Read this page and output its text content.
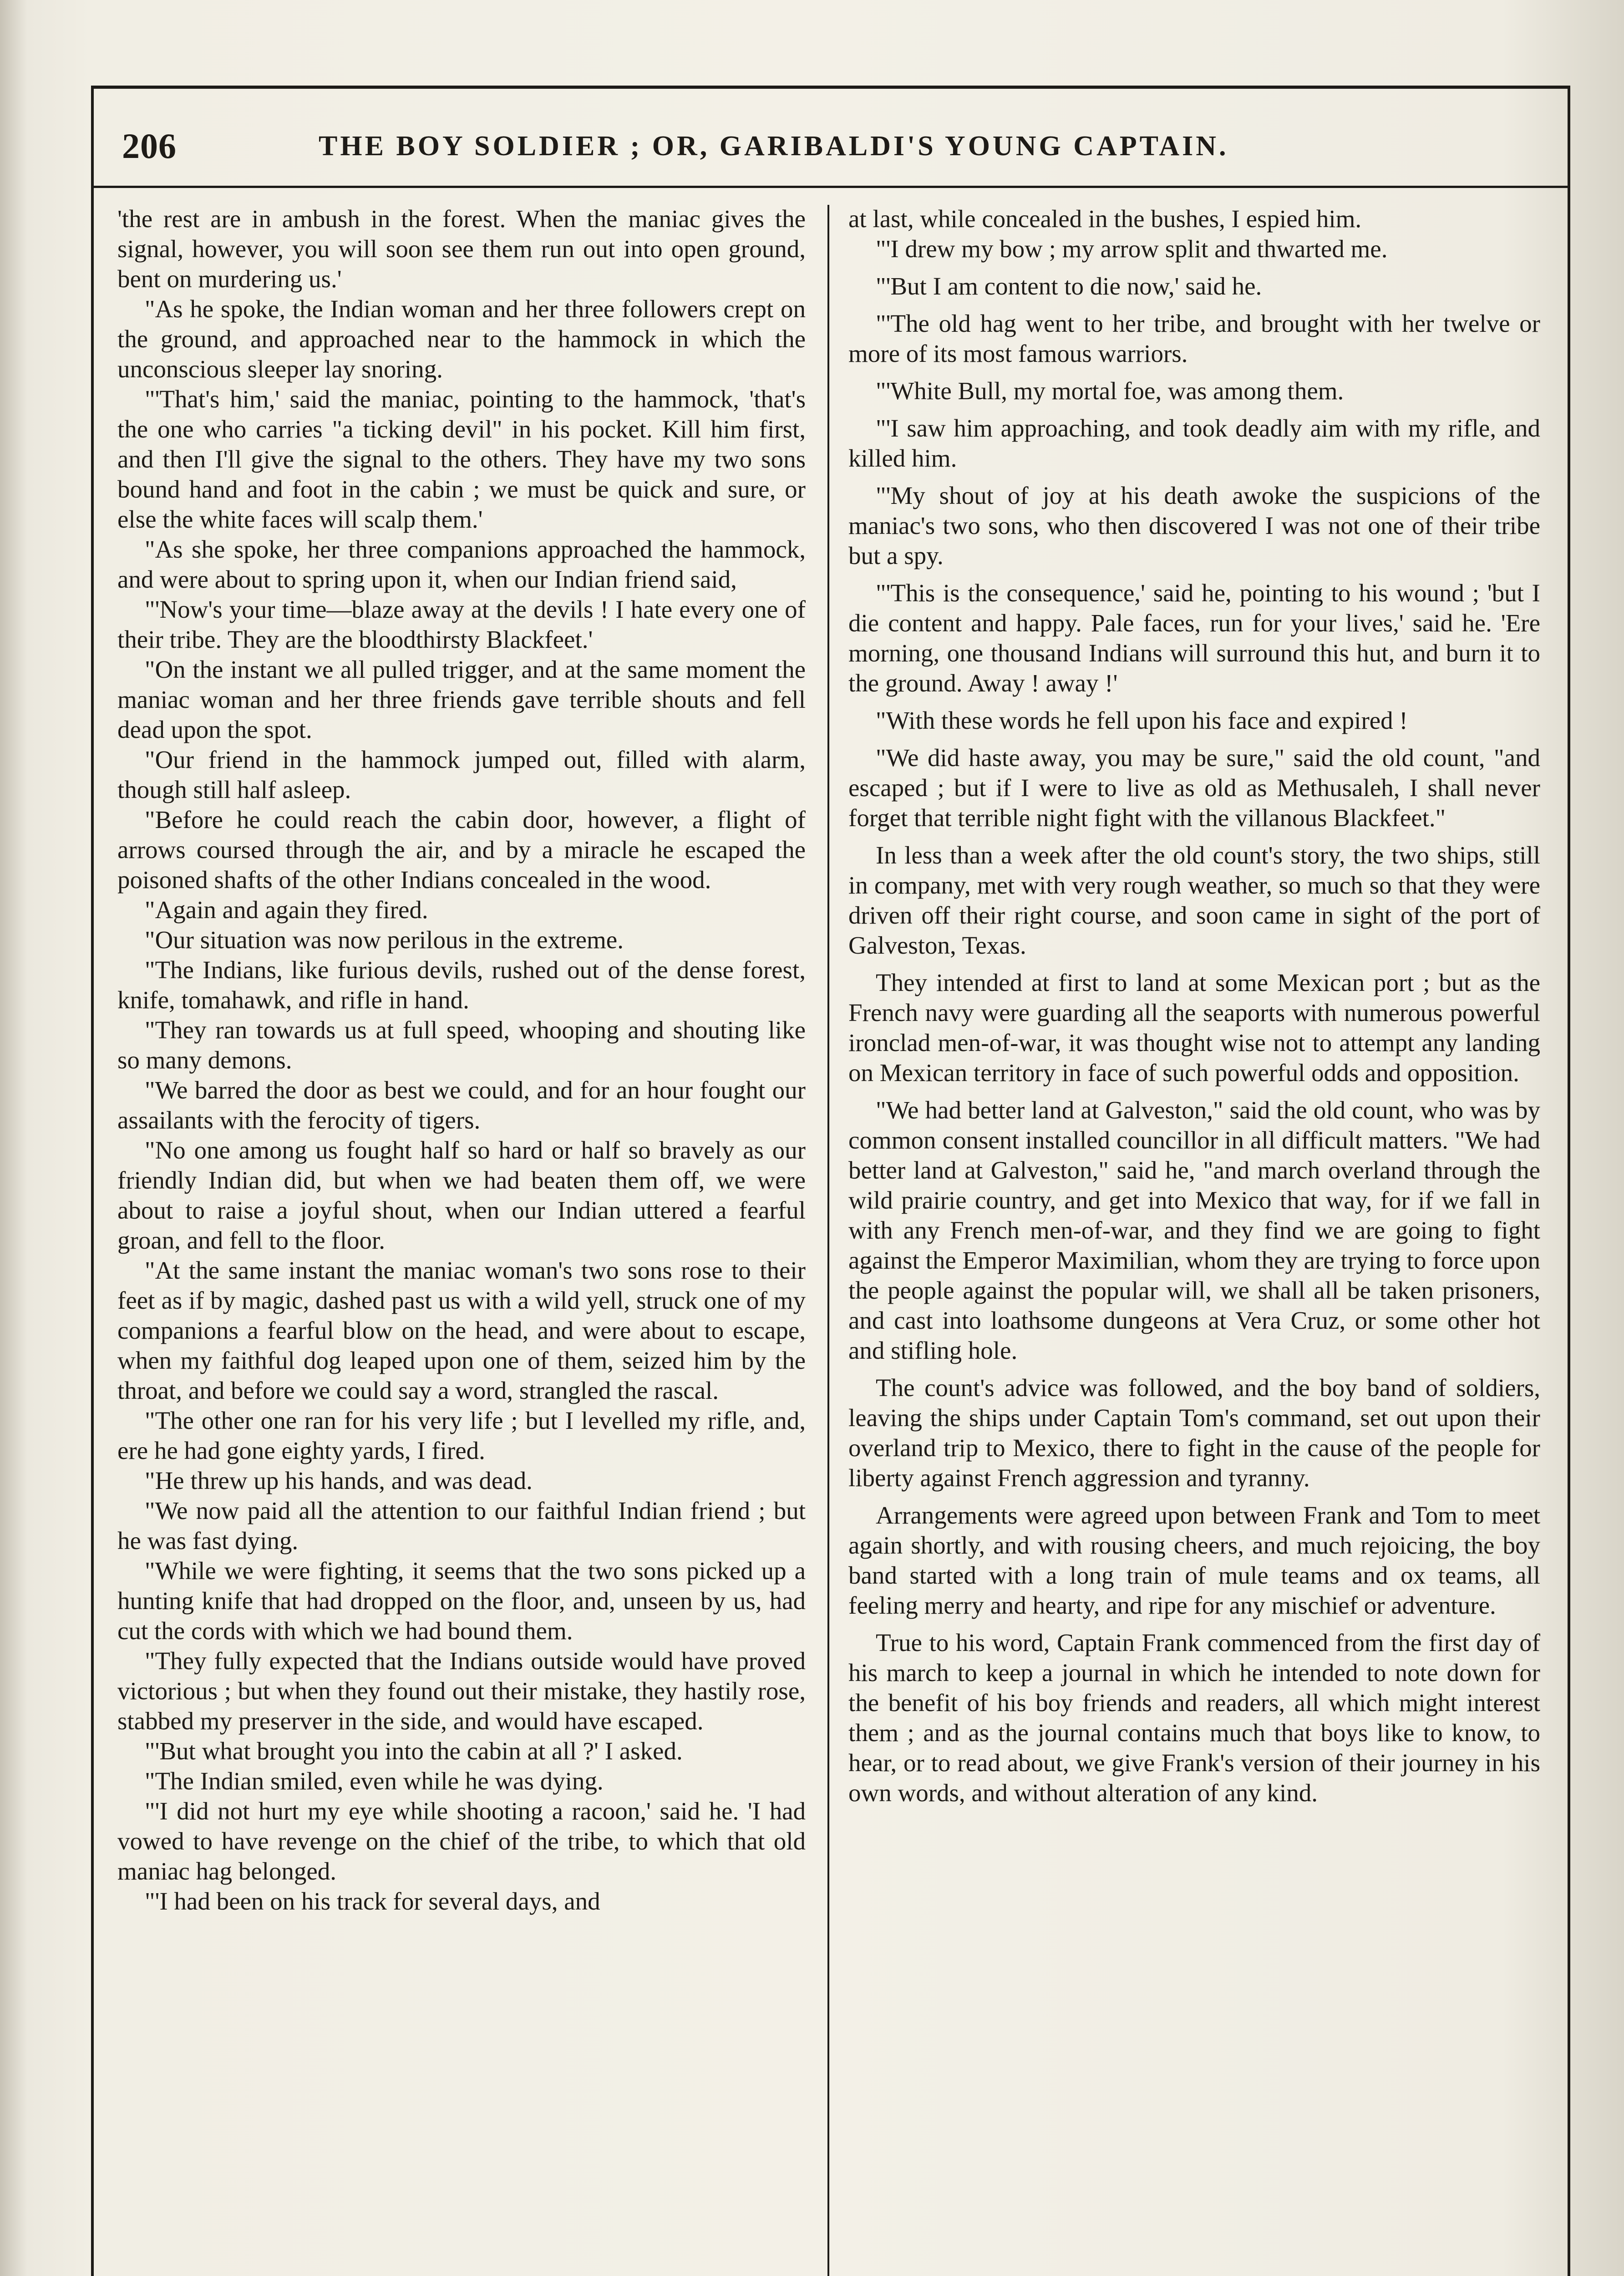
206	THE BOY SOLDIER ; OR, GARIBALDI'S YOUNG CAPTAIN.

'the rest are in ambush in the forest. When the maniac gives the signal, however, you will soon see them run out into open ground, bent on murdering us.'

"As he spoke, the Indian woman and her three followers crept on the ground, and approached near to the hammock in which the unconscious sleeper lay snoring.

"'That's him,' said the maniac, pointing to the hammock, 'that's the one who carries "a ticking devil" in his pocket. Kill him first, and then I'll give the signal to the others. They have my two sons bound hand and foot in the cabin ; we must be quick and sure, or else the white faces will scalp them.'

"As she spoke, her three companions approached the hammock, and were about to spring upon it, when our Indian friend said,

"'Now's your time—blaze away at the devils ! I hate every one of their tribe. They are the bloodthirsty Blackfeet.'

"On the instant we all pulled trigger, and at the same moment the maniac woman and her three friends gave terrible shouts and fell dead upon the spot.

"Our friend in the hammock jumped out, filled with alarm, though still half asleep.

"Before he could reach the cabin door, however, a flight of arrows coursed through the air, and by a miracle he escaped the poisoned shafts of the other Indians concealed in the wood.

"Again and again they fired.

"Our situation was now perilous in the extreme.

"The Indians, like furious devils, rushed out of the dense forest, knife, tomahawk, and rifle in hand.

"They ran towards us at full speed, whooping and shouting like so many demons.

"We barred the door as best we could, and for an hour fought our assailants with the ferocity of tigers.

"No one among us fought half so hard or half so bravely as our friendly Indian did, but when we had beaten them off, we were about to raise a joyful shout, when our Indian uttered a fearful groan, and fell to the floor.

"At the same instant the maniac woman's two sons rose to their feet as if by magic, dashed past us with a wild yell, struck one of my companions a fearful blow on the head, and were about to escape, when my faithful dog leaped upon one of them, seized him by the throat, and before we could say a word, strangled the rascal.

"The other one ran for his very life ; but I levelled my rifle, and, ere he had gone eighty yards, I fired.

"He threw up his hands, and was dead.

"We now paid all the attention to our faithful Indian friend ; but he was fast dying.

"While we were fighting, it seems that the two sons picked up a hunting knife that had dropped on the floor, and, unseen by us, had cut the cords with which we had bound them.

"They fully expected that the Indians outside would have proved victorious ; but when they found out their mistake, they hastily rose, stabbed my preserver in the side, and would have escaped.

"'But what brought you into the cabin at all ?' I asked.

"The Indian smiled, even while he was dying.

"'I did not hurt my eye while shooting a racoon,' said he. 'I had vowed to have revenge on the chief of the tribe, to which that old maniac hag belonged.

"'I had been on his track for several days, and

at last, while concealed in the bushes, I espied him.

"'I drew my bow ; my arrow split and thwarted me.

"'But I am content to die now,' said he.

"'The old hag went to her tribe, and brought with her twelve or more of its most famous warriors.

"'White Bull, my mortal foe, was among them.

"'I saw him approaching, and took deadly aim with my rifle, and killed him.

"'My shout of joy at his death awoke the suspicions of the maniac's two sons, who then discovered I was not one of their tribe but a spy.

"'This is the consequence,' said he, pointing to his wound ; 'but I die content and happy. Pale faces, run for your lives,' said he. 'Ere morning, one thousand Indians will surround this hut, and burn it to the ground. Away ! away !'

"With these words he fell upon his face and expired !

"We did haste away, you may be sure," said the old count, "and escaped ; but if I were to live as old as Methusaleh, I shall never forget that terrible night fight with the villanous Blackfeet."

In less than a week after the old count's story, the two ships, still in company, met with very rough weather, so much so that they were driven off their right course, and soon came in sight of the port of Galveston, Texas.

They intended at first to land at some Mexican port ; but as the French navy were guarding all the seaports with numerous powerful ironclad men-of-war, it was thought wise not to attempt any landing on Mexican territory in face of such powerful odds and opposition.

"We had better land at Galveston," said the old count, who was by common consent installed councillor in all difficult matters. "We had better land at Galveston," said he, "and march overland through the wild prairie country, and get into Mexico that way, for if we fall in with any French men-of-war, and they find we are going to fight against the Emperor Maximilian, whom they are trying to force upon the people against the popular will, we shall all be taken prisoners, and cast into loathsome dungeons at Vera Cruz, or some other hot and stifling hole.

The count's advice was followed, and the boy band of soldiers, leaving the ships under Captain Tom's command, set out upon their overland trip to Mexico, there to fight in the cause of the people for liberty against French aggression and tyranny.

Arrangements were agreed upon between Frank and Tom to meet again shortly, and with rousing cheers, and much rejoicing, the boy band started with a long train of mule teams and ox teams, all feeling merry and hearty, and ripe for any mischief or adventure.

True to his word, Captain Frank commenced from the first day of his march to keep a journal in which he intended to note down for the benefit of his boy friends and readers, all which might interest them ; and as the journal contains much that boys like to know, to hear, or to read about, we give Frank's version of their journey in his own words, and without alteration of any kind.
